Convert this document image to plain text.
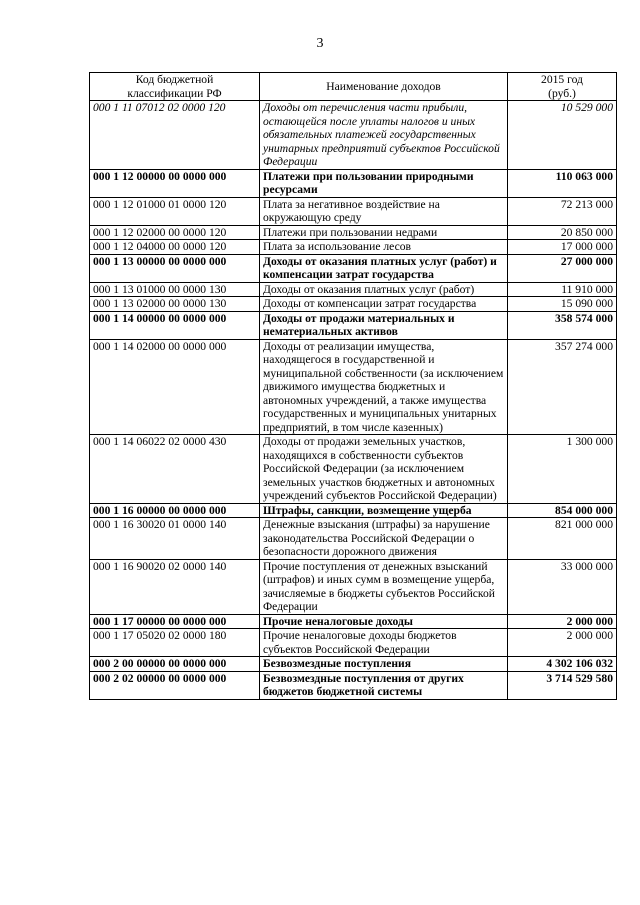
3
Код бюджетной
классификации РФ	Наименование доходов	2015 год
(руб.)

000 1 11 07012 02 0000 120	Доходы от перечисления части прибыли, остающейся после уплаты налогов и иных обязательных платежей государственных унитарных предприятий субъектов Российской Федерации	10 529 000
000 1 12 00000 00 0000 000	Платежи при пользовании природными ресурсами	110 063 000
000 1 12 01000 01 0000 120	Плата за негативное воздействие на окружающую среду	72 213 000
000 1 12 02000 00 0000 120	Платежи при пользовании недрами	20 850 000
000 1 12 04000 00 0000 120	Плата за использование лесов	17 000 000
000 1 13 00000 00 0000 000	Доходы от оказания платных услуг (работ) и компенсации затрат государства	27 000 000
000 1 13 01000 00 0000 130	Доходы от оказания платных услуг (работ)	11 910 000
000 1 13 02000 00 0000 130	Доходы от компенсации затрат государства	15 090 000
000 1 14 00000 00 0000 000	Доходы от продажи материальных и нематериальных активов	358 574 000
000 1 14 02000 00 0000 000	Доходы от реализации имущества, находящегося в государственной и муниципальной собственности (за исключением движимого имущества бюджетных и автономных учреждений, а также имущества государственных и муниципальных унитарных предприятий, в том числе казенных)	357 274 000
000 1 14 06022 02 0000 430	Доходы от продажи земельных участков, находящихся в собственности субъектов Российской Федерации (за исключением земельных участков бюджетных и автономных учреждений субъектов Российской Федерации)	1 300 000
000 1 16 00000 00 0000 000	Штрафы, санкции, возмещение ущерба	854 000 000
000 1 16 30020 01 0000 140	Денежные взыскания (штрафы) за нарушение законодательства Российской Федерации о безопасности дорожного движения	821 000 000
000 1 16 90020 02 0000 140	Прочие поступления от денежных взысканий (штрафов) и иных сумм в возмещение ущерба, зачисляемые в бюджеты субъектов Российской Федерации	33 000 000
000 1 17 00000 00 0000 000	Прочие неналоговые доходы	2 000 000
000 1 17 05020 02 0000 180	Прочие неналоговые доходы бюджетов субъектов Российской Федерации	2 000 000
000 2 00 00000 00 0000 000	Безвозмездные поступления	4 302 106 032
000 2 02 00000 00 0000 000	Безвозмездные поступления от других бюджетов бюджетной системы	3 714 529 580
